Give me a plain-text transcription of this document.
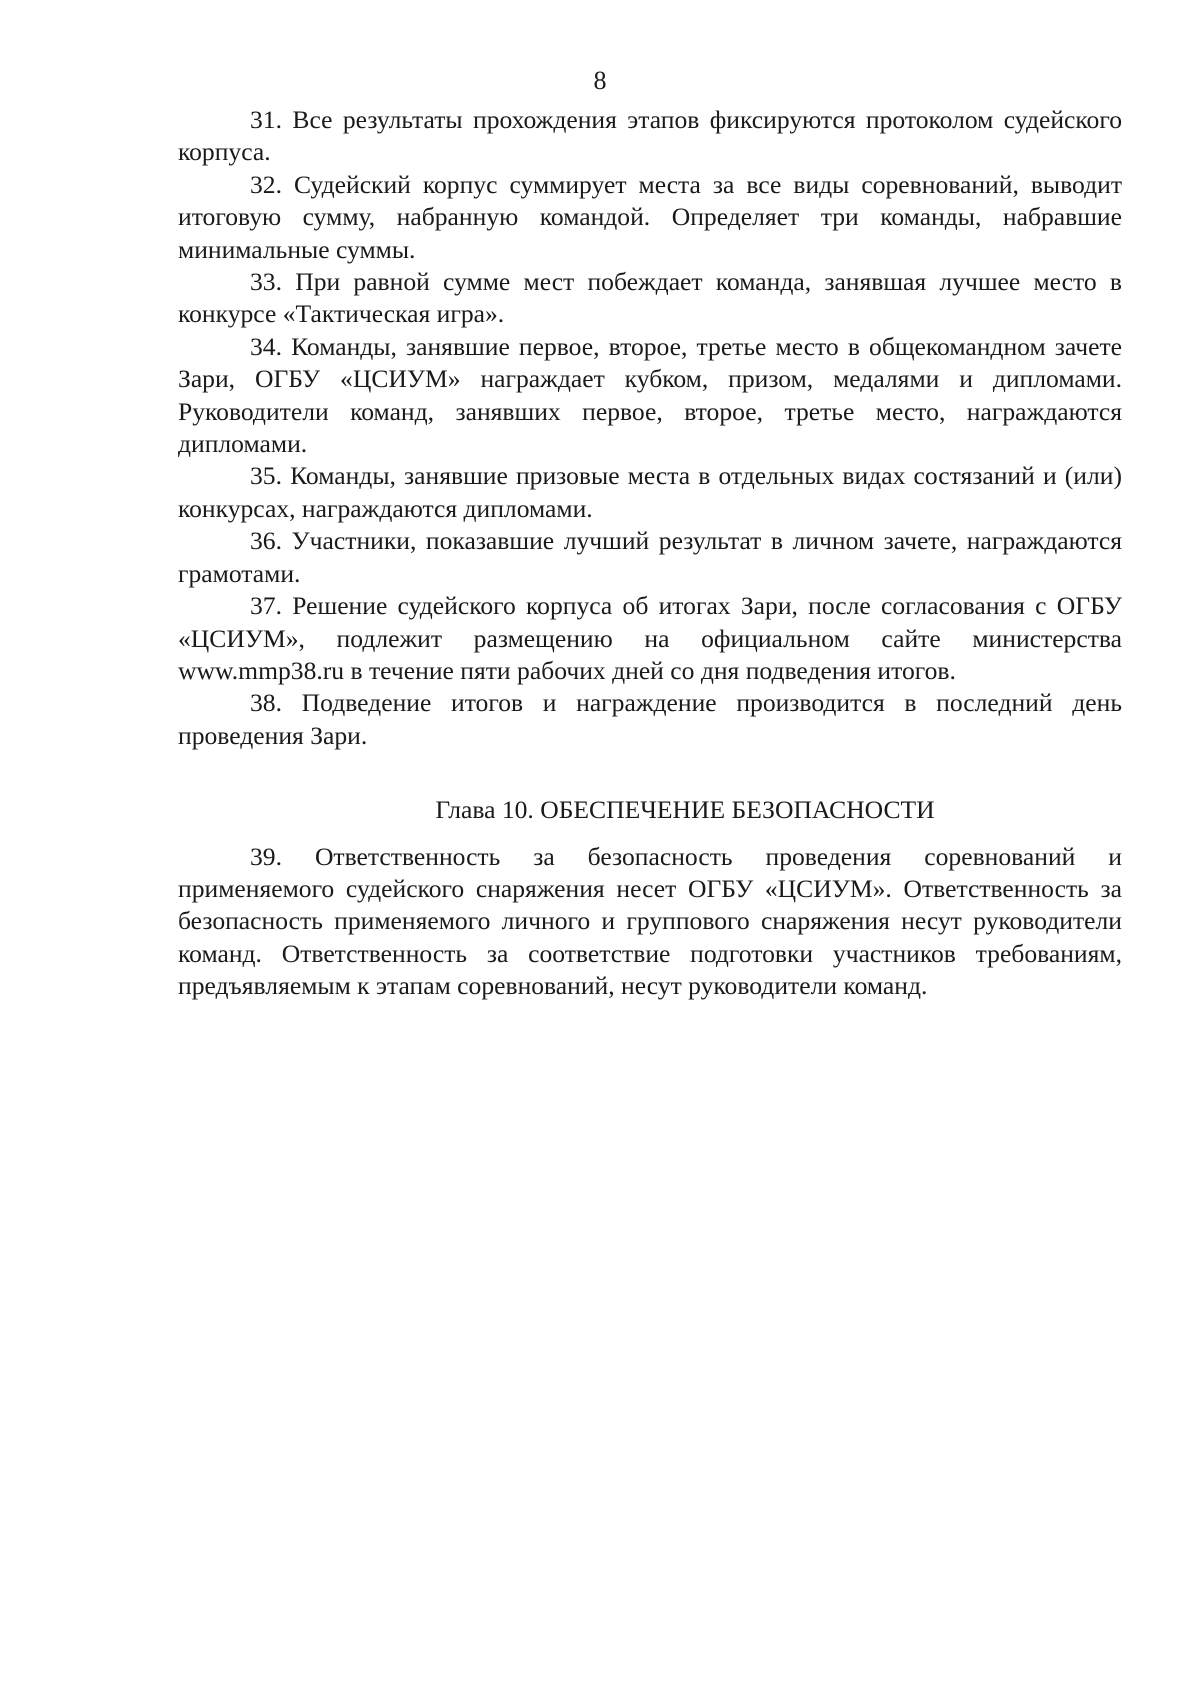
8

31. Все результаты прохождения этапов фиксируются протоколом судейского корпуса.

32. Судейский корпус суммирует места за все виды соревнований, выводит итоговую сумму, набранную командой. Определяет три команды, набравшие минимальные суммы.

33. При равной сумме мест побеждает команда, занявшая лучшее место в конкурсе «Тактическая игра».

34. Команды, занявшие первое, второе, третье место в общекомандном зачете Зари, ОГБУ «ЦСИУМ» награждает кубком, призом, медалями и дипломами. Руководители команд, занявших первое, второе, третье место, награждаются дипломами.

35. Команды, занявшие призовые места в отдельных видах состязаний и (или) конкурсах, награждаются дипломами.

36. Участники, показавшие лучший результат в личном зачете, награждаются грамотами.

37. Решение судейского корпуса об итогах Зари, после согласования с ОГБУ «ЦСИУМ», подлежит размещению на официальном сайте министерства www.mmp38.ru в течение пяти рабочих дней со дня подведения итогов.

38. Подведение итогов и награждение производится в последний день проведения Зари.

Глава 10. ОБЕСПЕЧЕНИЕ БЕЗОПАСНОСТИ

39. Ответственность за безопасность проведения соревнований и применяемого судейского снаряжения несет ОГБУ «ЦСИУМ». Ответственность за безопасность применяемого личного и группового снаряжения несут руководители команд. Ответственность за соответствие подготовки участников требованиям, предъявляемым к этапам соревнований, несут руководители команд.
